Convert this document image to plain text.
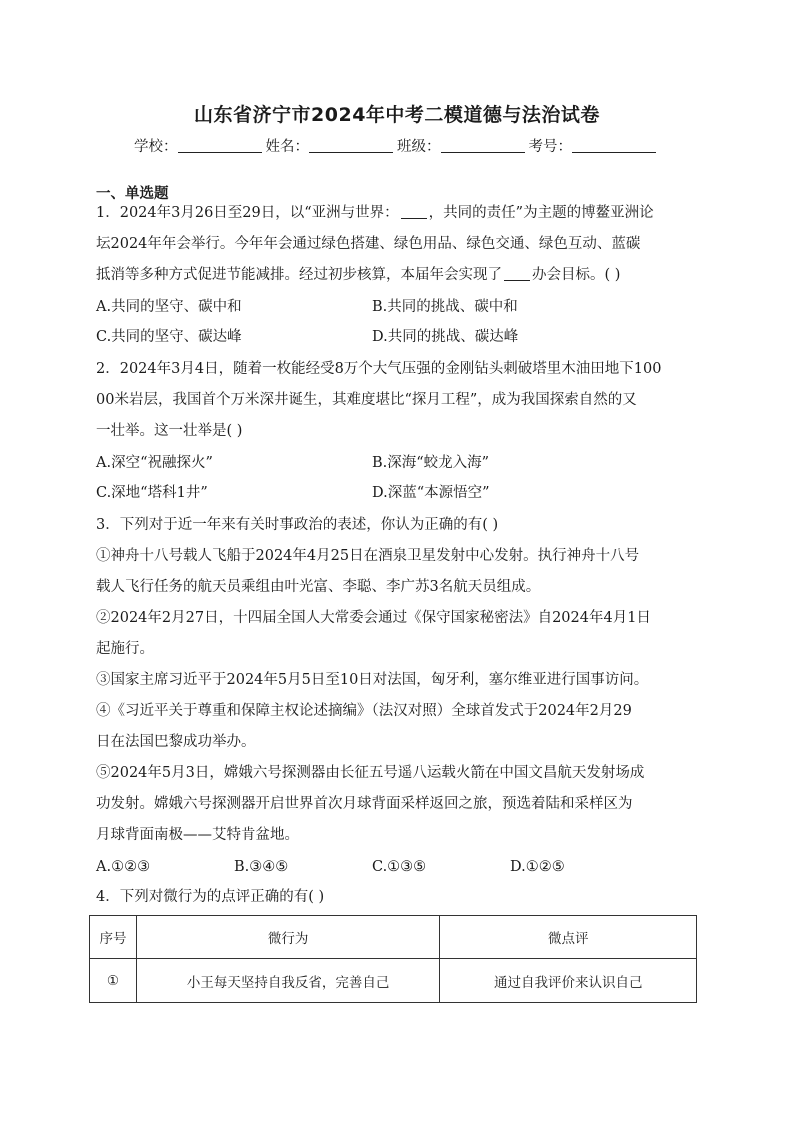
山东省济宁市2024年中考二模道德与法治试卷
学校：	姓名：	班级：	考号：
一、单选题
1．2024年3月26日至29日，以“亚洲与世界： ，共同的责任”为主题的博鳌亚洲论
坛2024年年会举行。今年年会通过绿色搭建、绿色用品、绿色交通、绿色互动、蓝碳
抵消等多种方式促进节能减排。经过初步核算，本届年会实现了 办会目标。( )
A.共同的坚守、碳中和	B.共同的挑战、碳中和
C.共同的坚守、碳达峰	D.共同的挑战、碳达峰
2．2024年3月4日，随着一枚能经受8万个大气压强的金刚钻头刺破塔里木油田地下100
00米岩层，我国首个万米深井诞生，其难度堪比“探月工程”，成为我国探索自然的又
一壮举。这一壮举是( )
A.深空“祝融探火”	B.深海“蛟龙入海”
C.深地“塔科1井”	D.深蓝“本源悟空”
3．下列对于近一年来有关时事政治的表述，你认为正确的有( )
①神舟十八号载人飞船于2024年4月25日在酒泉卫星发射中心发射。执行神舟十八号
载人飞行任务的航天员乘组由叶光富、李聪、李广苏3名航天员组成。
②2024年2月27日，十四届全国人大常委会通过《保守国家秘密法》自2024年4月1日
起施行。
③国家主席习近平于2024年5月5日至10日对法国，匈牙利，塞尔维亚进行国事访问。
④《习近平关于尊重和保障主权论述摘编》（法汉对照）全球首发式于2024年2月29
日在法国巴黎成功举办。
⑤2024年5月3日，嫦娥六号探测器由长征五号遥八运载火箭在中国文昌航天发射场成
功发射。嫦娥六号探测器开启世界首次月球背面采样返回之旅，预选着陆和采样区为
月球背面南极——艾特肯盆地。
A.①②③	B.③④⑤	C.①③⑤	D.①②⑤
4．下列对微行为的点评正确的有( )
序号	微行为	微点评
①	小王每天坚持自我反省，完善自己	通过自我评价来认识自己
